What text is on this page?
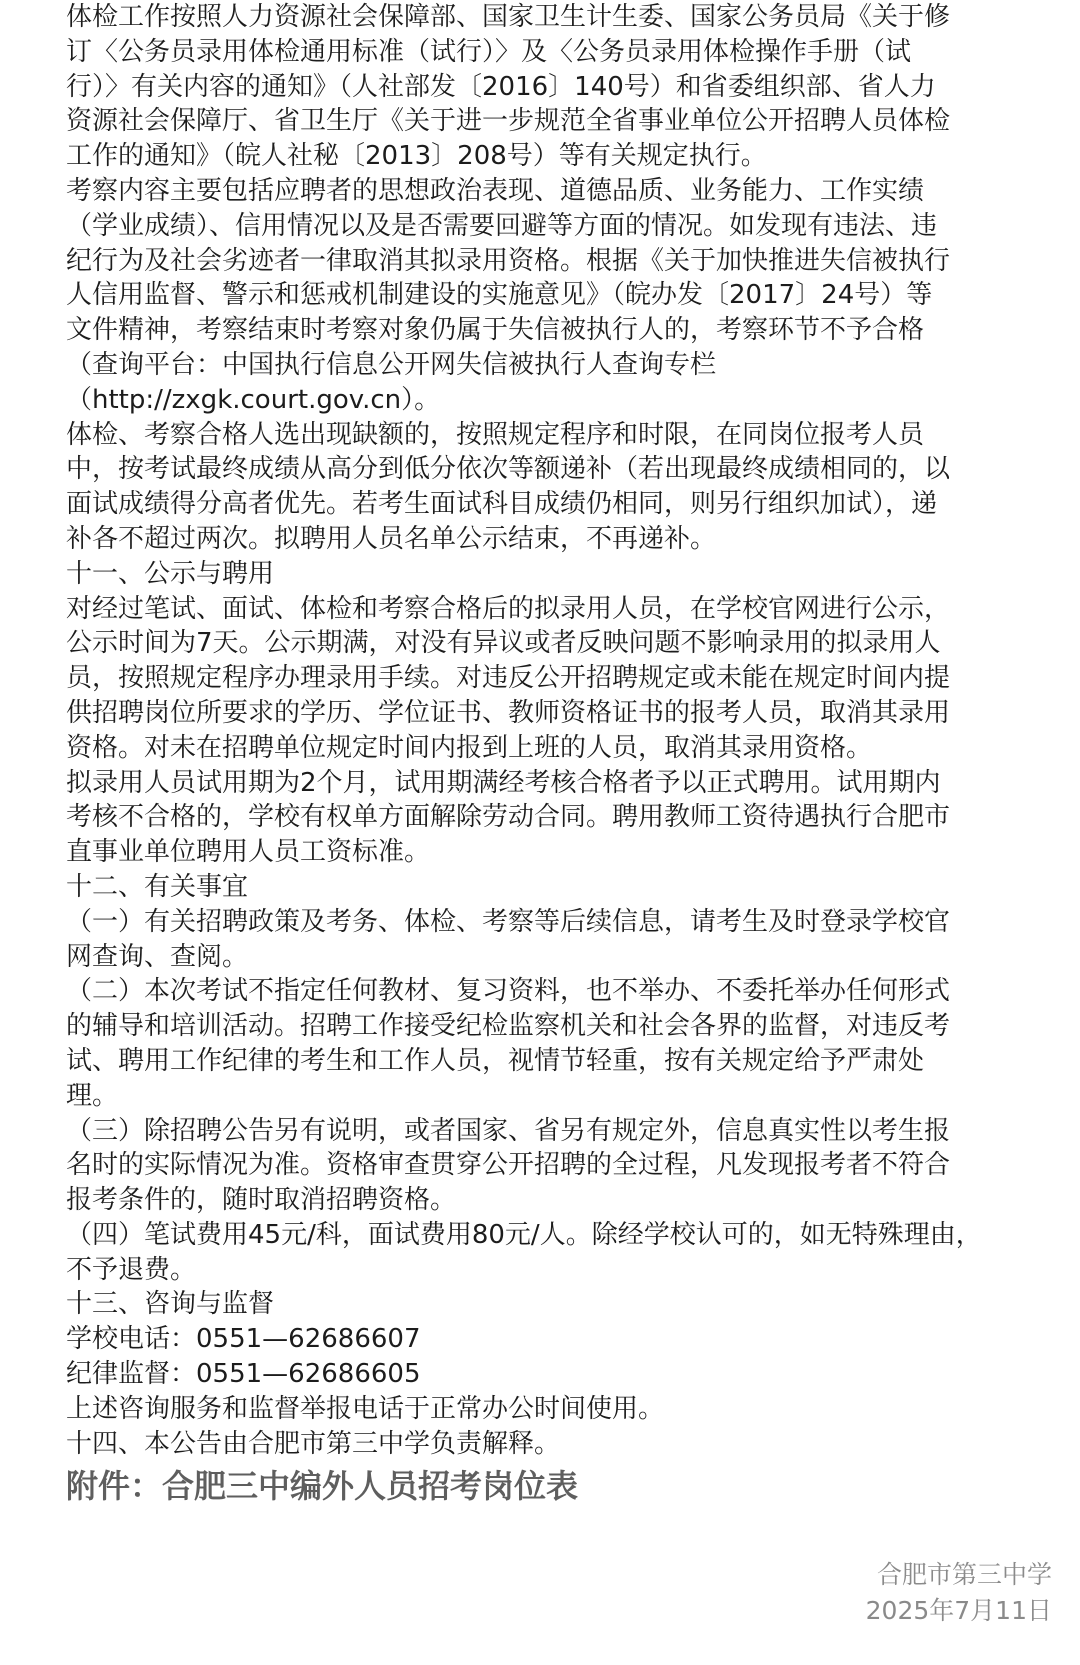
体检工作按照人力资源社会保障部、国家卫生计生委、国家公务员局《关于修
订〈公务员录用体检通用标准（试行）〉及〈公务员录用体检操作手册（试
行）〉有关内容的通知》（人社部发〔2016〕140号）和省委组织部、省人力
资源社会保障厅、省卫生厅《关于进一步规范全省事业单位公开招聘人员体检
工作的通知》（皖人社秘〔2013〕208号）等有关规定执行。
考察内容主要包括应聘者的思想政治表现、道德品质、业务能力、工作实绩
（学业成绩）、信用情况以及是否需要回避等方面的情况。如发现有违法、违
纪行为及社会劣迹者一律取消其拟录用资格。根据《关于加快推进失信被执行
人信用监督、警示和惩戒机制建设的实施意见》（皖办发〔2017〕24号）等
文件精神，考察结束时考察对象仍属于失信被执行人的，考察环节不予合格
（查询平台：中国执行信息公开网失信被执行人查询专栏
（http://zxgk.court.gov.cn）。
体检、考察合格人选出现缺额的，按照规定程序和时限，在同岗位报考人员
中，按考试最终成绩从高分到低分依次等额递补（若出现最终成绩相同的，以
面试成绩得分高者优先。若考生面试科目成绩仍相同，则另行组织加试），递
补各不超过两次。拟聘用人员名单公示结束，不再递补。
十一、公示与聘用
对经过笔试、面试、体检和考察合格后的拟录用人员，在学校官网进行公示，
公示时间为7天。公示期满，对没有异议或者反映问题不影响录用的拟录用人
员，按照规定程序办理录用手续。对违反公开招聘规定或未能在规定时间内提
供招聘岗位所要求的学历、学位证书、教师资格证书的报考人员，取消其录用
资格。对未在招聘单位规定时间内报到上班的人员，取消其录用资格。
拟录用人员试用期为2个月，试用期满经考核合格者予以正式聘用。试用期内
考核不合格的，学校有权单方面解除劳动合同。聘用教师工资待遇执行合肥市
直事业单位聘用人员工资标准。
十二、有关事宜
（一）有关招聘政策及考务、体检、考察等后续信息，请考生及时登录学校官
网查询、查阅。
（二）本次考试不指定任何教材、复习资料，也不举办、不委托举办任何形式
的辅导和培训活动。招聘工作接受纪检监察机关和社会各界的监督，对违反考
试、聘用工作纪律的考生和工作人员，视情节轻重，按有关规定给予严肃处
理。
（三）除招聘公告另有说明，或者国家、省另有规定外，信息真实性以考生报
名时的实际情况为准。资格审查贯穿公开招聘的全过程，凡发现报考者不符合
报考条件的，随时取消招聘资格。
（四）笔试费用45元/科，面试费用80元/人。除经学校认可的，如无特殊理由，
不予退费。
十三、咨询与监督
学校电话：0551—62686607
纪律监督：0551—62686605
上述咨询服务和监督举报电话于正常办公时间使用。
十四、本公告由合肥市第三中学负责解释。
附件：合肥三中编外人员招考岗位表
合肥市第三中学
2025年7月11日
